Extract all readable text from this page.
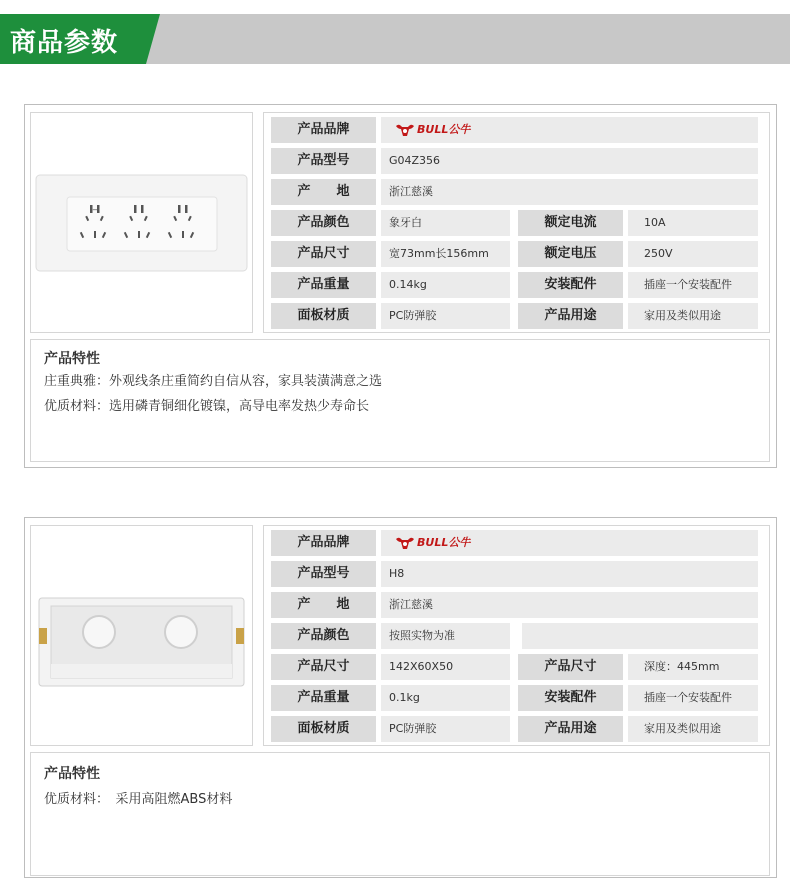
商品参数
产品品牌	BULL公牛
产品型号	G04Z356
产　　地	浙江慈溪
产品颜色	象牙白	额定电流	10A
产品尺寸	宽73mm长156mm	额定电压	250V
产品重量	0.14kg	安装配件	插座一个安装配件
面板材质	PC防弹胶	产品用途	家用及类似用途
产品特性
庄重典雅：外观线条庄重简约自信从容，家具装潢满意之选
优质材料：选用磷青铜细化镀镍，高导电率发热少寿命长
产品品牌	BULL公牛
产品型号	H8
产　　地	浙江慈溪
产品颜色	按照实物为准
产品尺寸	142X60X50	产品尺寸	深度：445mm
产品重量	0.1kg	安装配件	插座一个安装配件
面板材质	PC防弹胶	产品用途	家用及类似用途
产品特性
优质材料：　采用高阻燃ABS材料
